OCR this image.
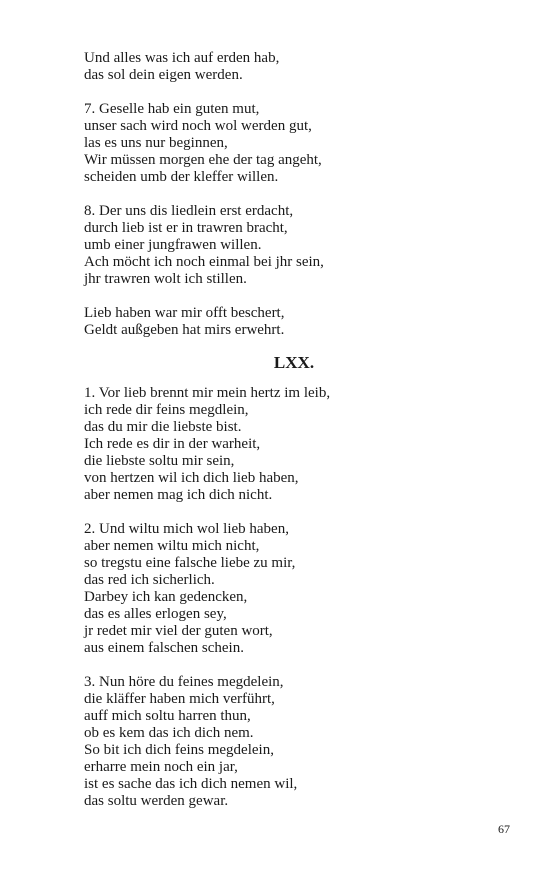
Und alles was ich auf erden hab,
das sol dein eigen werden.
7. Geselle hab ein guten mut,
unser sach wird noch wol werden gut,
las es uns nur beginnen,
Wir müssen morgen ehe der tag angeht,
scheiden umb der kleffer willen.
8. Der uns dis liedlein erst erdacht,
durch lieb ist er in trawren bracht,
umb einer jungfrawen willen.
Ach möcht ich noch einmal bei jhr sein,
jhr trawren wolt ich stillen.
Lieb haben war mir offt beschert,
Geldt außgeben hat mirs erwehrt.
LXX.
1. Vor lieb brennt mir mein hertz im leib,
ich rede dir feins megdlein,
das du mir die liebste bist.
Ich rede es dir in der warheit,
die liebste soltu mir sein,
von hertzen wil ich dich lieb haben,
aber nemen mag ich dich nicht.
2. Und wiltu mich wol lieb haben,
aber nemen wiltu mich nicht,
so tregstu eine falsche liebe zu mir,
das red ich sicherlich.
Darbey ich kan gedencken,
das es alles erlogen sey,
jr redet mir viel der guten wort,
aus einem falschen schein.
3. Nun höre du feines megdelein,
die kläffer haben mich verführt,
auff mich soltu harren thun,
ob es kem das ich dich nem.
So bit ich dich feins megdelein,
erharre mein noch ein jar,
ist es sache das ich dich nemen wil,
das soltu werden gewar.
67
